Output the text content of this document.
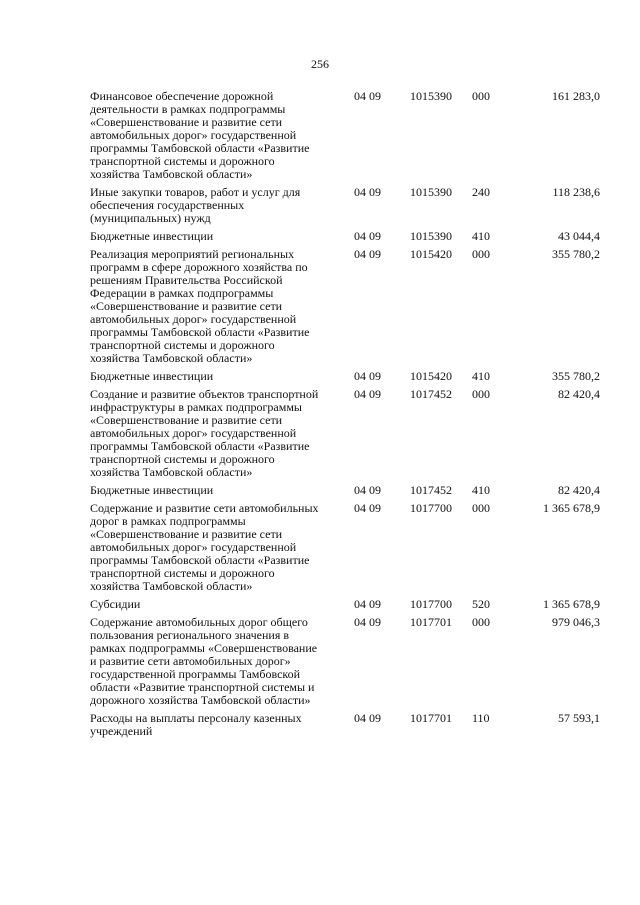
256
Финансовое обеспечение дорожной
деятельности в рамках подпрограммы
«Совершенствование и развитие сети
автомобильных дорог» государственной
программы Тамбовской области «Развитие
транспортной системы и дорожного
хозяйства Тамбовской области»
04 09	1015390	000	161 283,0
Иные закупки товаров, работ и услуг для
обеспечения государственных
(муниципальных) нужд
04 09	1015390	240	118 238,6
Бюджетные инвестиции	04 09	1015390	410	43 044,4
Реализация мероприятий региональных
программ в сфере дорожного хозяйства по
решениям Правительства Российской
Федерации в рамках подпрограммы
«Совершенствование и развитие сети
автомобильных дорог» государственной
программы Тамбовской области «Развитие
транспортной системы и дорожного
хозяйства Тамбовской области»
04 09	1015420	000	355 780,2
Бюджетные инвестиции	04 09	1015420	410	355 780,2
Создание и развитие объектов транспортной
инфраструктуры в рамках подпрограммы
«Совершенствование и развитие сети
автомобильных дорог» государственной
программы Тамбовской области «Развитие
транспортной системы и дорожного
хозяйства Тамбовской области»
04 09	1017452	000	82 420,4
Бюджетные инвестиции	04 09	1017452	410	82 420,4
Содержание и развитие сети автомобильных
дорог в рамках подпрограммы
«Совершенствование и развитие сети
автомобильных дорог» государственной
программы Тамбовской области «Развитие
транспортной системы и дорожного
хозяйства Тамбовской области»
04 09	1017700	000	1 365 678,9
Субсидии	04 09	1017700	520	1 365 678,9
Содержание автомобильных дорог общего
пользования регионального значения в
рамках подпрограммы «Совершенствование
и развитие сети автомобильных дорог»
государственной программы Тамбовской
области «Развитие транспортной системы и
дорожного хозяйства Тамбовской области»
04 09	1017701	000	979 046,3
Расходы на выплаты персоналу казенных
учреждений
04 09	1017701	110	57 593,1
